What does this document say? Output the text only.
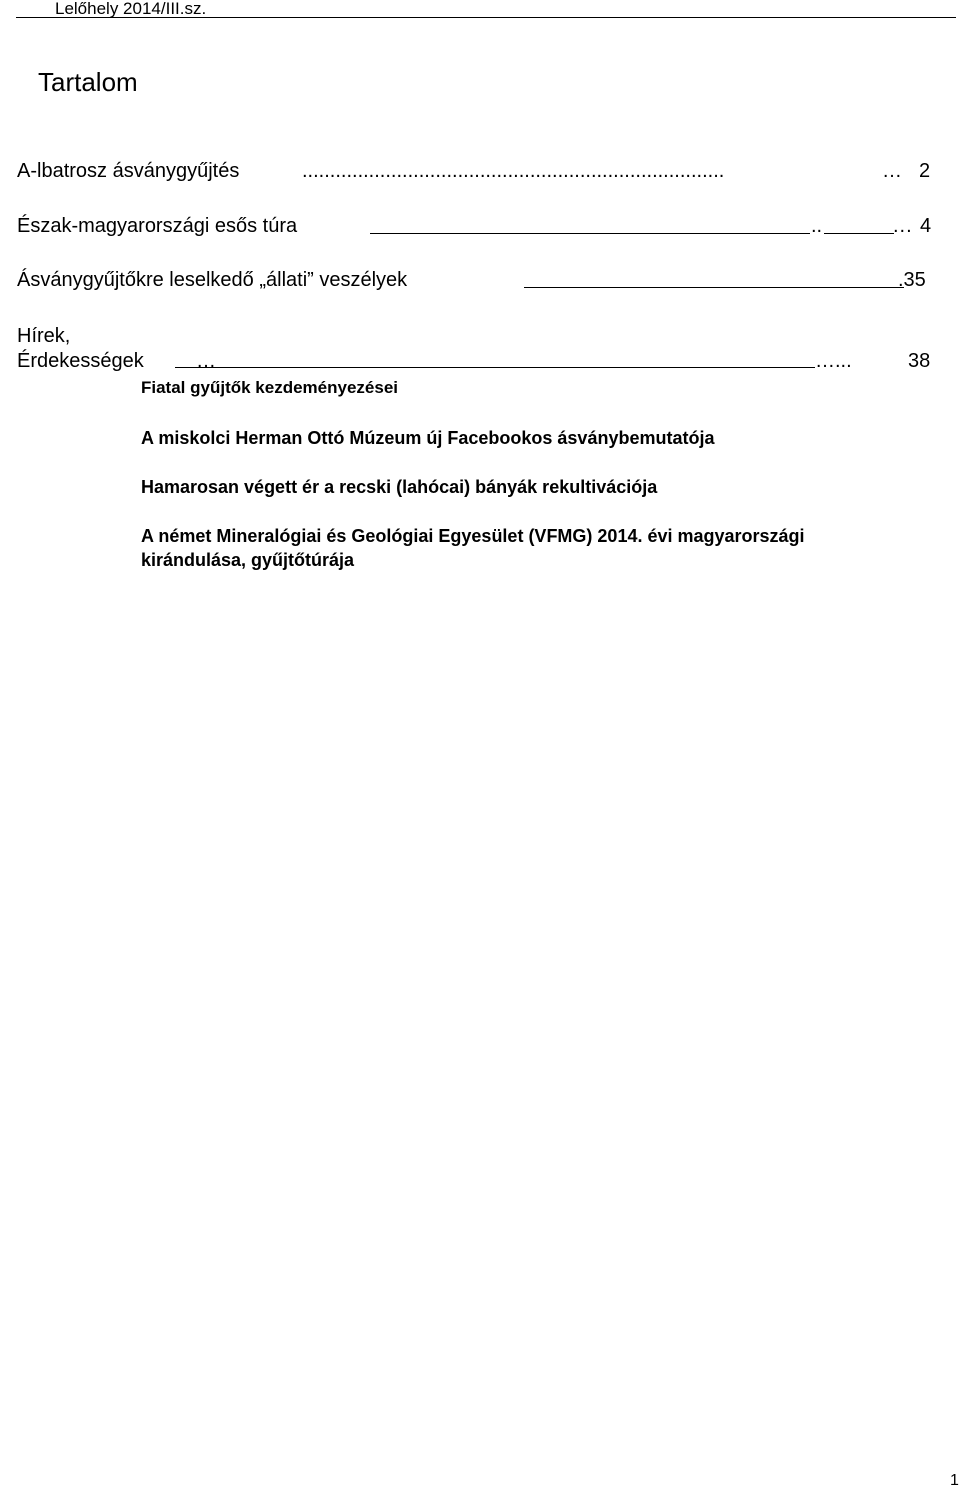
Lelőhely 2014/III.sz.
Tartalom
A-lbatrosz ásványgyűjtés	............................................................................	… 2
Észak-magyarországi esős túra	..	... 4
Ásványgyűjtőkre leselkedő „állati” veszélyek	.35
Hírek,
Érdekességek	…	…...	38
Fiatal gyűjtők kezdeményezései
A miskolci Herman Ottó Múzeum új Facebookos ásványbemutatója
Hamarosan végett ér a recski (lahócai) bányák rekultivációja
A német Mineralógiai és Geológiai Egyesület (VFMG) 2014. évi magyarországi
kirándulása, gyűjtőtúrája
1
